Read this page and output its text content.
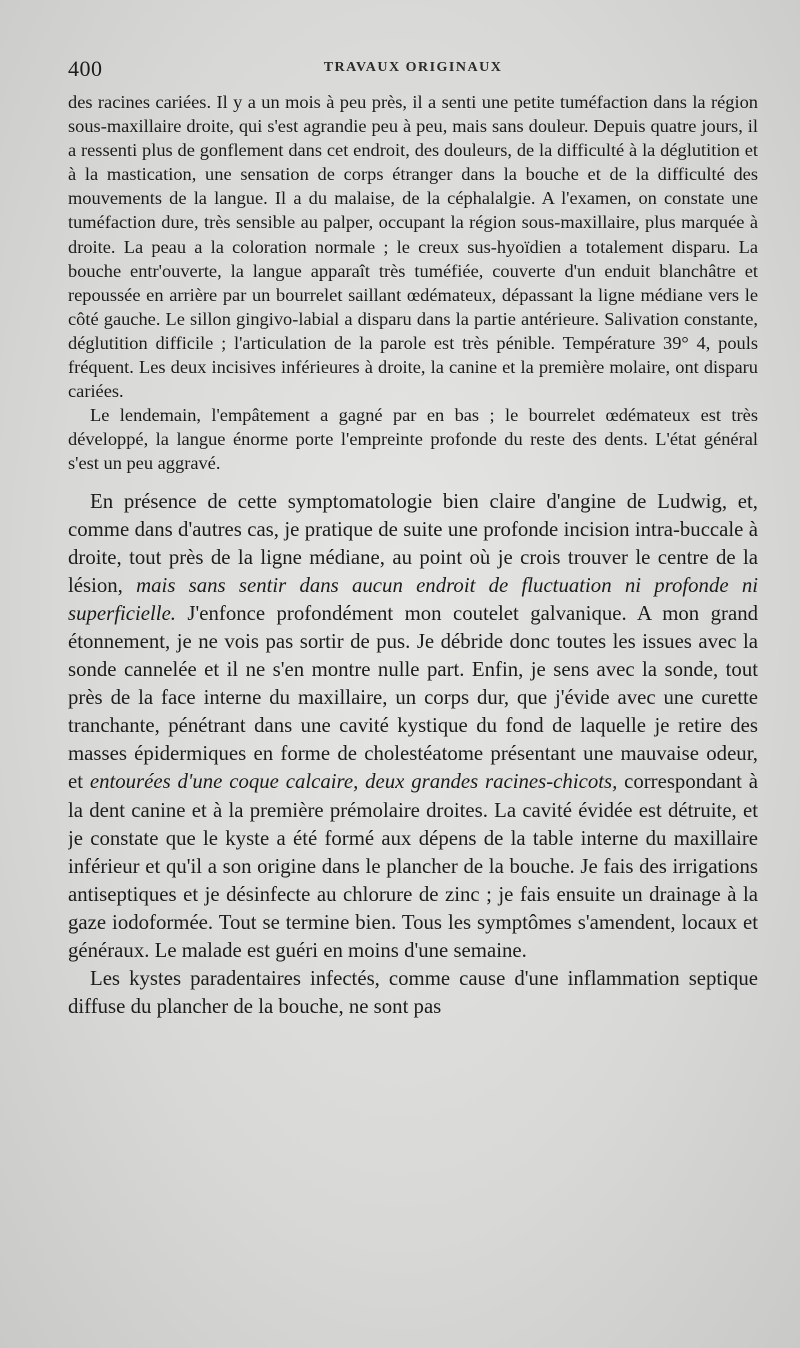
400	TRAVAUX ORIGINAUX

des racines cariées. Il y a un mois à peu près, il a senti une petite tuméfaction dans la région sous-maxillaire droite, qui s'est agrandie peu à peu, mais sans douleur. Depuis quatre jours, il a ressenti plus de gonflement dans cet endroit, des douleurs, de la difficulté à la déglutition et à la mastication, une sensation de corps étranger dans la bouche et de la difficulté des mouvements de la langue. Il a du malaise, de la céphalalgie. A l'examen, on constate une tuméfaction dure, très sensible au palper, occupant la région sous-maxillaire, plus marquée à droite. La peau a la coloration normale ; le creux sus-hyoïdien a totalement disparu. La bouche entr'ouverte, la langue apparaît très tuméfiée, couverte d'un enduit blanchâtre et repoussée en arrière par un bourrelet saillant œdémateux, dépassant la ligne médiane vers le côté gauche. Le sillon gingivo-labial a disparu dans la partie antérieure. Salivation constante, déglutition difficile ; l'articulation de la parole est très pénible. Température 39° 4, pouls fréquent. Les deux incisives inférieures à droite, la canine et la première molaire, ont disparu cariées.

Le lendemain, l'empâtement a gagné par en bas ; le bourrelet œdémateux est très développé, la langue énorme porte l'empreinte profonde du reste des dents. L'état général s'est un peu aggravé.

En présence de cette symptomatologie bien claire d'angine de Ludwig, et, comme dans d'autres cas, je pratique de suite une profonde incision intra-buccale à droite, tout près de la ligne médiane, au point où je crois trouver le centre de la lésion, mais sans sentir dans aucun endroit de fluctuation ni profonde ni superficielle. J'enfonce profondément mon coutelet galvanique. A mon grand étonnement, je ne vois pas sortir de pus. Je débride donc toutes les issues avec la sonde cannelée et il ne s'en montre nulle part. Enfin, je sens avec la sonde, tout près de la face interne du maxillaire, un corps dur, que j'évide avec une curette tranchante, pénétrant dans une cavité kystique du fond de laquelle je retire des masses épidermiques en forme de cholestéatome présentant une mauvaise odeur, et entourées d'une coque calcaire, deux grandes racines-chicots, correspondant à la dent canine et à la première prémolaire droites. La cavité évidée est détruite, et je constate que le kyste a été formé aux dépens de la table interne du maxillaire inférieur et qu'il a son origine dans le plancher de la bouche. Je fais des irrigations antiseptiques et je désinfecte au chlorure de zinc ; je fais ensuite un drainage à la gaze iodoformée. Tout se termine bien. Tous les symptômes s'amendent, locaux et généraux. Le malade est guéri en moins d'une semaine.

Les kystes paradentaires infectés, comme cause d'une inflammation septique diffuse du plancher de la bouche, ne sont pas
